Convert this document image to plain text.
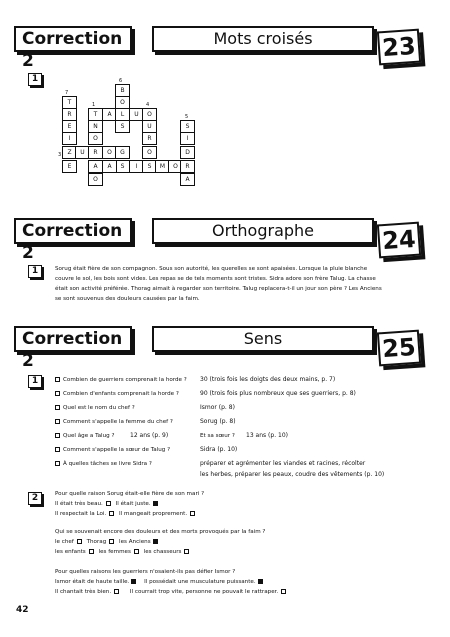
Correction 2
Mots croisés	23
1	6
7
1	4
5
3
B
T	O
R	T	A	L	U	O
E	N	S	U	S
I	O	R	I
Z	U	R	O	G	O	D
E	A	S	I	S	M	O	R
A
O	A
Correction 2
Orthographe	24
1	Sorug était fière de son compagnon. Sous son autorité, les querelles se sont apaisées. Lorsque la pluie blanche
couvre le sol, les bois sont vides. Les repas se de tels moments sont tristes. Sidra adore son frère Talug. La chasse
était son activité préférée. Thorag aimait à regarder son territoire. Talug replacera-t-il un jour son père ? Les Anciens
se sont souvenus des douleurs causées par la faim.
Correction 2
Sens	25
1	Combien de guerriers comprenait la horde ? 30 (trois fois les doigts des deux mains, p. 7)
Combien d'enfants comprenait la horde ?	90 (trois fois plus nombreux que ses guerriers, p. 8)
Quel est le nom du chef ?	Ismor (p. 8)
Comment s'appelle la femme du chef ?	Sorug (p. 8)
Quel âge a Talug ?	12 ans (p. 9)	Et sa sœur ? 13 ans (p. 10)
Comment s'appelle la sœur de Talug ?	Sidra (p. 10)
À quelles tâches se livre Sidra ?	préparer et agrémenter les viandes et racines, récolter
les herbes, préparer les peaux, coudre des vêtements (p. 10)
2	Pour quelle raison Sorug était-elle fière de son mari ?
Il était très beau. Il était juste.
Il respectait la Loi. Il mangeait proprement.
Qui se souvenait encore des douleurs et des morts provoqués par la faim ?
le chef Thorag les Anciens
les enfants les femmes les chasseurs
Pour quelles raisons les guerriers n'osaient-ils pas défier Ismor ?
Ismor était de haute taille.	Il possédait une musculature puissante.
Il chantait très bien.	Il courrait trop vite, personne ne pouvait le rattraper.
42
